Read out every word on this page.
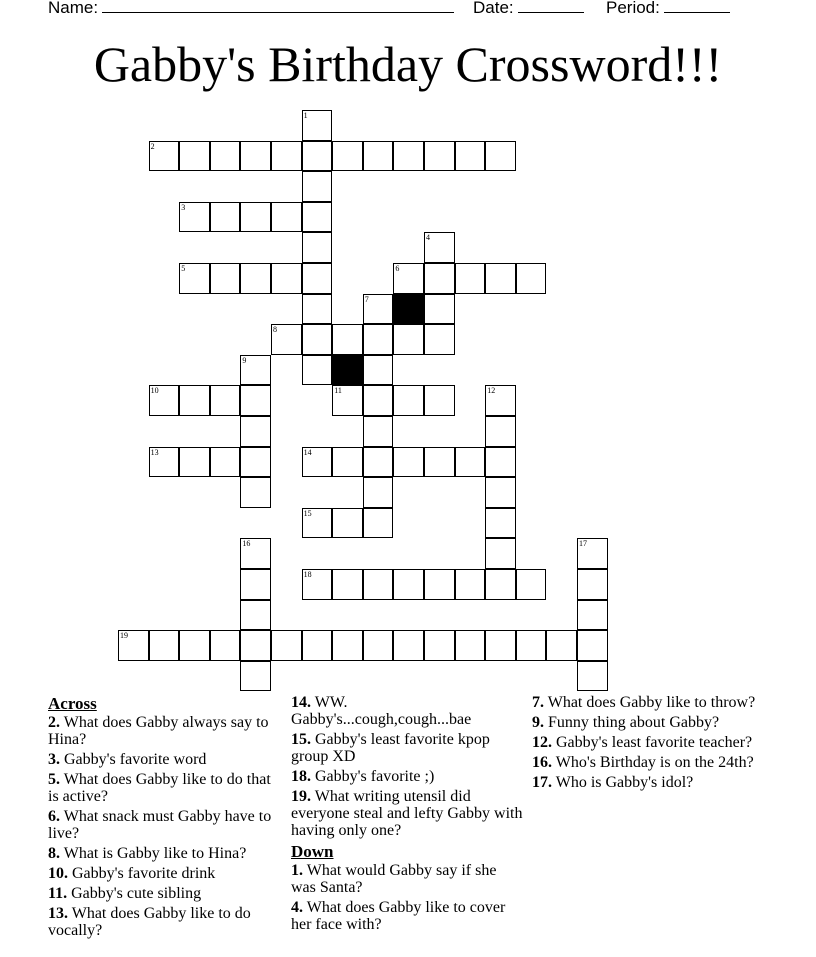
Name:	Date:	Period:
Gabby's Birthday Crossword!!!
1
2
3
4
5	6
7
8
9
10	11	12
13	14
15
16	17
18
19
Across
2. What does Gabby always say to Hina?
3. Gabby's favorite word
5. What does Gabby like to do that is active?
6. What snack must Gabby have to live?
8. What is Gabby like to Hina?
10. Gabby's favorite drink
11. Gabby's cute sibling
13. What does Gabby like to do vocally?
14. WW. Gabby's...cough,cough...bae
15. Gabby's least favorite kpop group XD
18. Gabby's favorite ;)
19. What writing utensil did everyone steal and lefty Gabby with having only one?
Down
1. What would Gabby say if she was Santa?
4. What does Gabby like to cover her face with?
7. What does Gabby like to throw?
9. Funny thing about Gabby?
12. Gabby's least favorite teacher?
16. Who's Birthday is on the 24th?
17. Who is Gabby's idol?
